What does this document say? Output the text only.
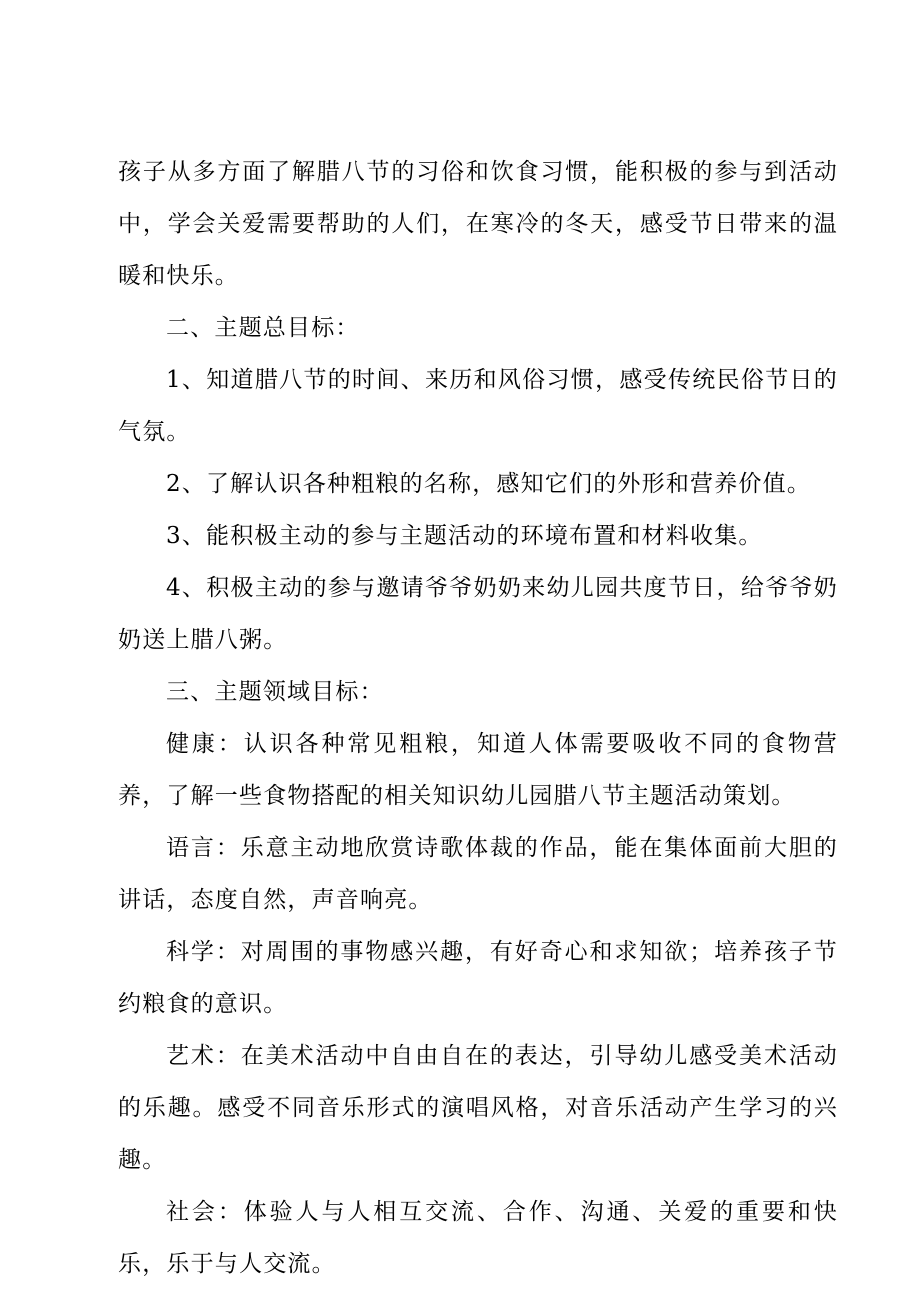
孩子从多方面了解腊八节的习俗和饮食习惯，能积极的参与到活动中，学会关爱需要帮助的人们，在寒冷的冬天，感受节日带来的温暖和快乐。

二、主题总目标：

1、知道腊八节的时间、来历和风俗习惯，感受传统民俗节日的气氛。

2、了解认识各种粗粮的名称，感知它们的外形和营养价值。

3、能积极主动的参与主题活动的环境布置和材料收集。

4、积极主动的参与邀请爷爷奶奶来幼儿园共度节日，给爷爷奶奶送上腊八粥。

三、主题领域目标：

健康：认识各种常见粗粮，知道人体需要吸收不同的食物营养，了解一些食物搭配的相关知识幼儿园腊八节主题活动策划。

语言：乐意主动地欣赏诗歌体裁的作品，能在集体面前大胆的讲话，态度自然，声音响亮。

科学：对周围的事物感兴趣，有好奇心和求知欲；培养孩子节约粮食的意识。

艺术：在美术活动中自由自在的表达，引导幼儿感受美术活动的乐趣。感受不同音乐形式的演唱风格，对音乐活动产生学习的兴趣。

社会：体验人与人相互交流、合作、沟通、关爱的重要和快乐，乐于与人交流。
